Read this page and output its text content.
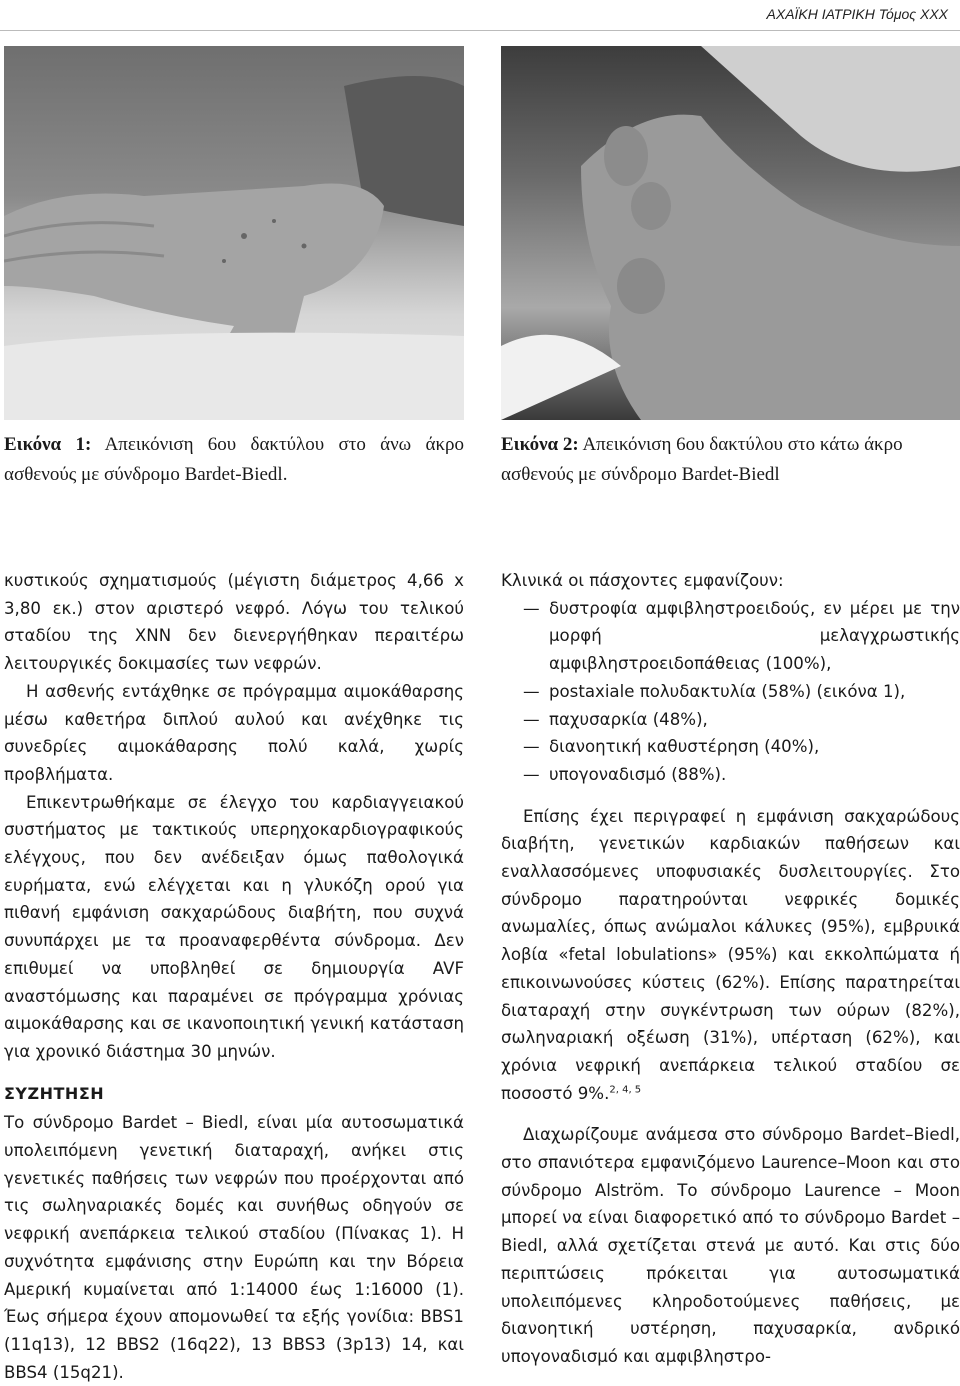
ΑΧΑΪΚΗ ΙΑΤΡΙΚΗ Τόμος ΧΧΧ
Εικόνα 1: Απεικόνιση 6ου δακτύλου στο άνω άκρο ασθενούς με σύνδρομο Bardet-Biedl.
Εικόνα 2: Απεικόνιση 6ου δακτύλου στο κάτω άκρο ασθενούς με σύνδρομο Bardet-Biedl

κυστικούς σχηματισμούς (μέγιστη διάμετρος 4,66 x 3,80 εκ.) στον αριστερό νεφρό. Λόγω του τελικού σταδίου της ΧΝΝ δεν διενεργήθηκαν περαιτέρω λειτουργικές δοκιμασίες των νεφρών.

Η ασθενής εντάχθηκε σε πρόγραμμα αιμοκάθαρσης μέσω καθετήρα διπλού αυλού και ανέχθηκε τις συνεδρίες αιμοκάθαρσης πολύ καλά, χωρίς προβλήματα.

Επικεντρωθήκαμε σε έλεγχο του καρδιαγγειακού συστήματος με τακτικούς υπερηχοκαρδιογραφικούς ελέγχους, που δεν ανέδειξαν όμως παθολογικά ευρήματα, ενώ ελέγχεται και η γλυκόζη ορού για πιθανή εμφάνιση σακχαρώδους διαβήτη, που συχνά συνυπάρχει με τα προαναφερθέντα σύνδρομα. Δεν επιθυμεί να υποβληθεί σε δημιουργία AVF αναστόμωσης και παραμένει σε πρόγραμμα χρόνιας αιμοκάθαρσης και σε ικανοποιητική γενική κατάσταση για χρονικό διάστημα 30 μηνών.

ΣΥΖΗΤΗΣΗ

Το σύνδρομο Bardet – Biedl, είναι μία αυτοσωματικά υπολειπόμενη γενετική διαταραχή, ανήκει στις γενετικές παθήσεις των νεφρών που προέρχονται από τις σωληναριακές δομές και συνήθως οδηγούν σε νεφρική ανεπάρκεια τελικού σταδίου (Πίνακας 1). Η συχνότητα εμφάνισης στην Ευρώπη και την Βόρεια Αμερική κυμαίνεται από 1:14000 έως 1:16000 (1). Έως σήμερα έχουν απομονωθεί τα εξής γονίδια: BBS1 (11q13), 12 BBS2 (16q22), 13 BBS3 (3p13) 14, και BBS4 (15q21).

Κλινικά οι πάσχοντες εμφανίζουν:

— δυστροφία αμφιβληστροειδούς, εν μέρει με την μορφή μελαγχρωστικής αμφιβληστροειδοπάθειας (100%),
— postaxiale πολυδακτυλία (58%) (εικόνα 1),
— παχυσαρκία (48%),
— διανοητική καθυστέρηση (40%),
— υπογοναδισμό (88%).

Επίσης έχει περιγραφεί η εμφάνιση σακχαρώδους διαβήτη, γενετικών καρδιακών παθήσεων και εναλλασσόμενες υποφυσιακές δυσλειτουργίες. Στο σύνδρομο παρατηρούνται νεφρικές δομικές ανωμαλίες, όπως ανώμαλοι κάλυκες (95%), εμβρυικά λοβία «fetal lobulations» (95%) και εκκολπώματα ή επικοινωνούσες κύστεις (62%). Επίσης παρατηρείται διαταραχή στην συγκέντρωση των ούρων (82%), σωληναριακή οξέωση (31%), υπέρταση (62%), και χρόνια νεφρική ανεπάρκεια τελικού σταδίου σε ποσοστό 9%.$^{2, 4, 5}$

Διαχωρίζουμε ανάμεσα στο σύνδρομο Bardet–Biedl, στο σπανιότερα εμφανιζόμενο Laurence–Moon και στο σύνδρομο Alstrӧm. Το σύνδρομο Laurence – Moon μπορεί να είναι διαφορετικό από το σύνδρομο Bardet – Biedl, αλλά σχετίζεται στενά με αυτό. Και στις δύο περιπτώσεις πρόκειται για αυτοσωματικά υπολειπόμενες κληροδοτούμενες παθήσεις, με διανοητική υστέρηση, παχυσαρκία, ανδρικό υπογοναδισμό και αμφιβληστρο-
